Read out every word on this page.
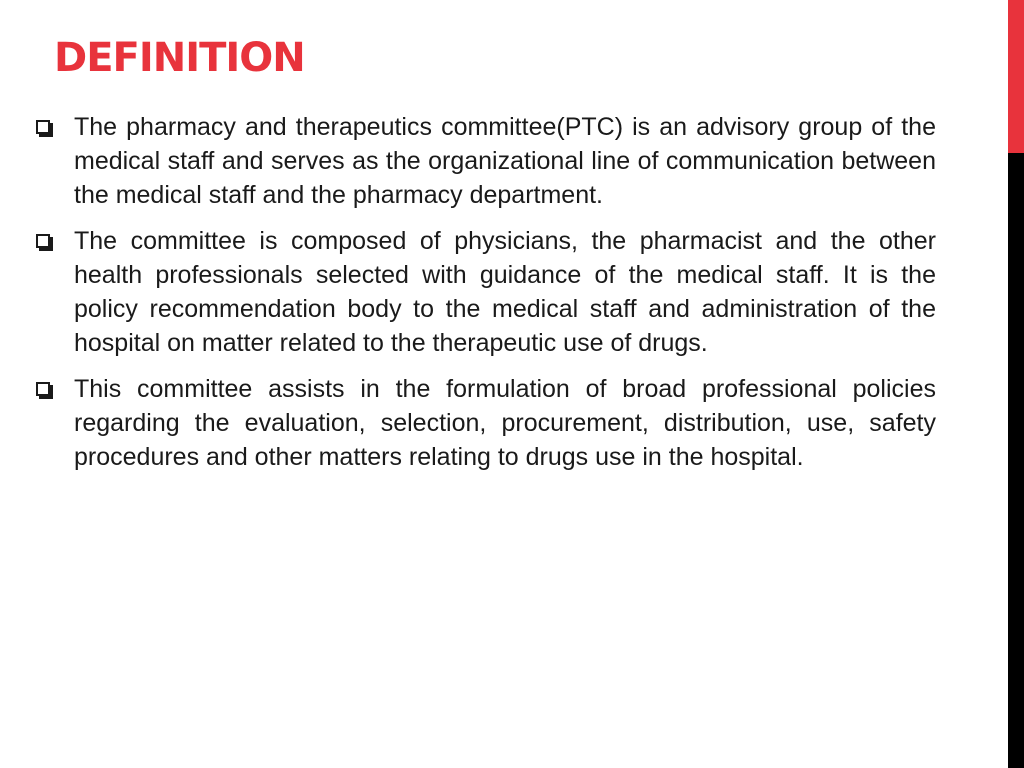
DEFINITION
The pharmacy and therapeutics committee(PTC) is an advisory group of the medical staff and serves as the organizational line of communication between the medical staff and the pharmacy department.
The committee is composed of physicians, the pharmacist and the other health professionals selected with guidance of the medical staff. It is the policy recommendation body to the medical staff and administration of the hospital on matter related to the therapeutic use of drugs.
This committee assists in the formulation of broad professional policies regarding the evaluation, selection, procurement, distribution, use, safety procedures and other matters relating to drugs use in the hospital.
